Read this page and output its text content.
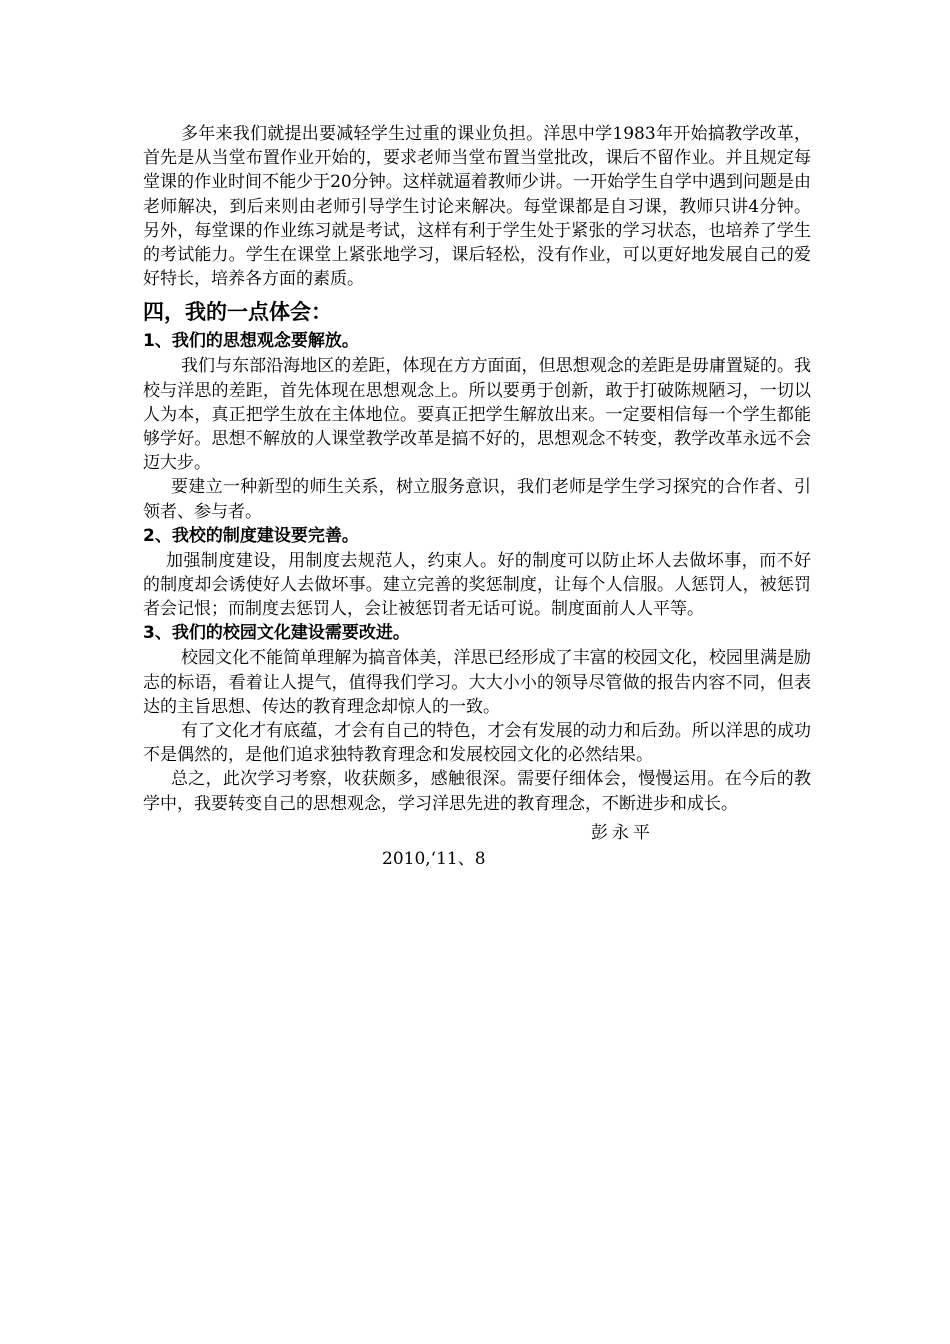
多年来我们就提出要减轻学生过重的课业负担。洋思中学1983年开始搞教学改革，首先是从当堂布置作业开始的，要求老师当堂布置当堂批改，课后不留作业。并且规定每堂课的作业时间不能少于20分钟。这样就逼着教师少讲。一开始学生自学中遇到问题是由老师解决，到后来则由老师引导学生讨论来解决。每堂课都是自习课，教师只讲4分钟。另外，每堂课的作业练习就是考试，这样有利于学生处于紧张的学习状态，也培养了学生的考试能力。学生在课堂上紧张地学习，课后轻松，没有作业，可以更好地发展自己的爱好特长，培养各方面的素质。

四，我的一点体会：
1、我们的思想观念要解放。

我们与东部沿海地区的差距，体现在方方面面，但思想观念的差距是毋庸置疑的。我校与洋思的差距，首先体现在思想观念上。所以要勇于创新，敢于打破陈规陋习，一切以人为本，真正把学生放在主体地位。要真正把学生解放出来。一定要相信每一个学生都能够学好。思想不解放的人课堂教学改革是搞不好的，思想观念不转变，教学改革永远不会迈大步。

要建立一种新型的师生关系，树立服务意识，我们老师是学生学习探究的合作者、引领者、参与者。

2、我校的制度建设要完善。

加强制度建设，用制度去规范人，约束人。好的制度可以防止坏人去做坏事，而不好的制度却会诱使好人去做坏事。建立完善的奖惩制度，让每个人信服。人惩罚人，被惩罚者会记恨；而制度去惩罚人，会让被惩罚者无话可说。制度面前人人平等。

3、我们的校园文化建设需要改进。

校园文化不能简单理解为搞音体美，洋思已经形成了丰富的校园文化，校园里满是励志的标语，看着让人提气，值得我们学习。大大小小的领导尽管做的报告内容不同，但表达的主旨思想、传达的教育理念却惊人的一致。

有了文化才有底蕴，才会有自己的特色，才会有发展的动力和后劲。所以洋思的成功不是偶然的，是他们追求独特教育理念和发展校园文化的必然结果。

总之，此次学习考察，收获颇多，感触很深。需要仔细体会，慢慢运用。在今后的教学中，我要转变自己的思想观念，学习洋思先进的教育理念，不断进步和成长。

彭永平
2010,‘11、8
